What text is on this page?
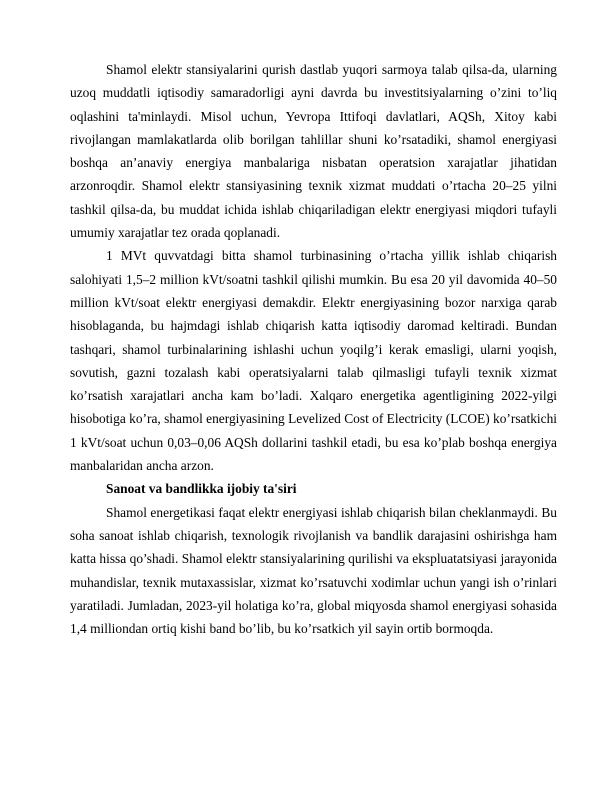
Shamol elektr stansiyalarini qurish dastlab yuqori sarmoya talab qilsa-da, ularning uzoq muddatli iqtisodiy samaradorligi ayni davrda bu investitsiyalarning o’zini to’liq oqlashini ta'minlaydi. Misol uchun, Yevropa Ittifoqi davlatlari, AQSh, Xitoy kabi rivojlangan mamlakatlarda olib borilgan tahlillar shuni ko’rsatadiki, shamol energiyasi boshqa an’anaviy energiya manbalariga nisbatan operatsion xarajatlar jihatidan arzonroqdir. Shamol elektr stansiyasining texnik xizmat muddati o’rtacha 20–25 yilni tashkil qilsa-da, bu muddat ichida ishlab chiqariladigan elektr energiyasi miqdori tufayli umumiy xarajatlar tez orada qoplanadi.

1 MVt quvvatdagi bitta shamol turbinasining o’rtacha yillik ishlab chiqarish salohiyati 1,5–2 million kVt/soatni tashkil qilishi mumkin. Bu esa 20 yil davomida 40–50 million kVt/soat elektr energiyasi demakdir. Elektr energiyasining bozor narxiga qarab hisoblaganda, bu hajmdagi ishlab chiqarish katta iqtisodiy daromad keltiradi. Bundan tashqari, shamol turbinalarining ishlashi uchun yoqilg’i kerak emasligi, ularni yoqish, sovutish, gazni tozalash kabi operatsiyalarni talab qilmasligi tufayli texnik xizmat ko’rsatish xarajatlari ancha kam bo’ladi. Xalqaro energetika agentligining 2022-yilgi hisobotiga ko’ra, shamol energiyasining Levelized Cost of Electricity (LCOE) ko’rsatkichi 1 kVt/soat uchun 0,03–0,06 AQSh dollarini tashkil etadi, bu esa ko’plab boshqa energiya manbalaridan ancha arzon.

Sanoat va bandlikka ijobiy ta'siri

Shamol energetikasi faqat elektr energiyasi ishlab chiqarish bilan cheklanmaydi. Bu soha sanoat ishlab chiqarish, texnologik rivojlanish va bandlik darajasini oshirishga ham katta hissa qo’shadi. Shamol elektr stansiyalarining qurilishi va ekspluatatsiyasi jarayonida muhandislar, texnik mutaxassislar, xizmat ko’rsatuvchi xodimlar uchun yangi ish o’rinlari yaratiladi. Jumladan, 2023-yil holatiga ko’ra, global miqyosda shamol energiyasi sohasida 1,4 milliondan ortiq kishi band bo’lib, bu ko’rsatkich yil sayin ortib bormoqda.
